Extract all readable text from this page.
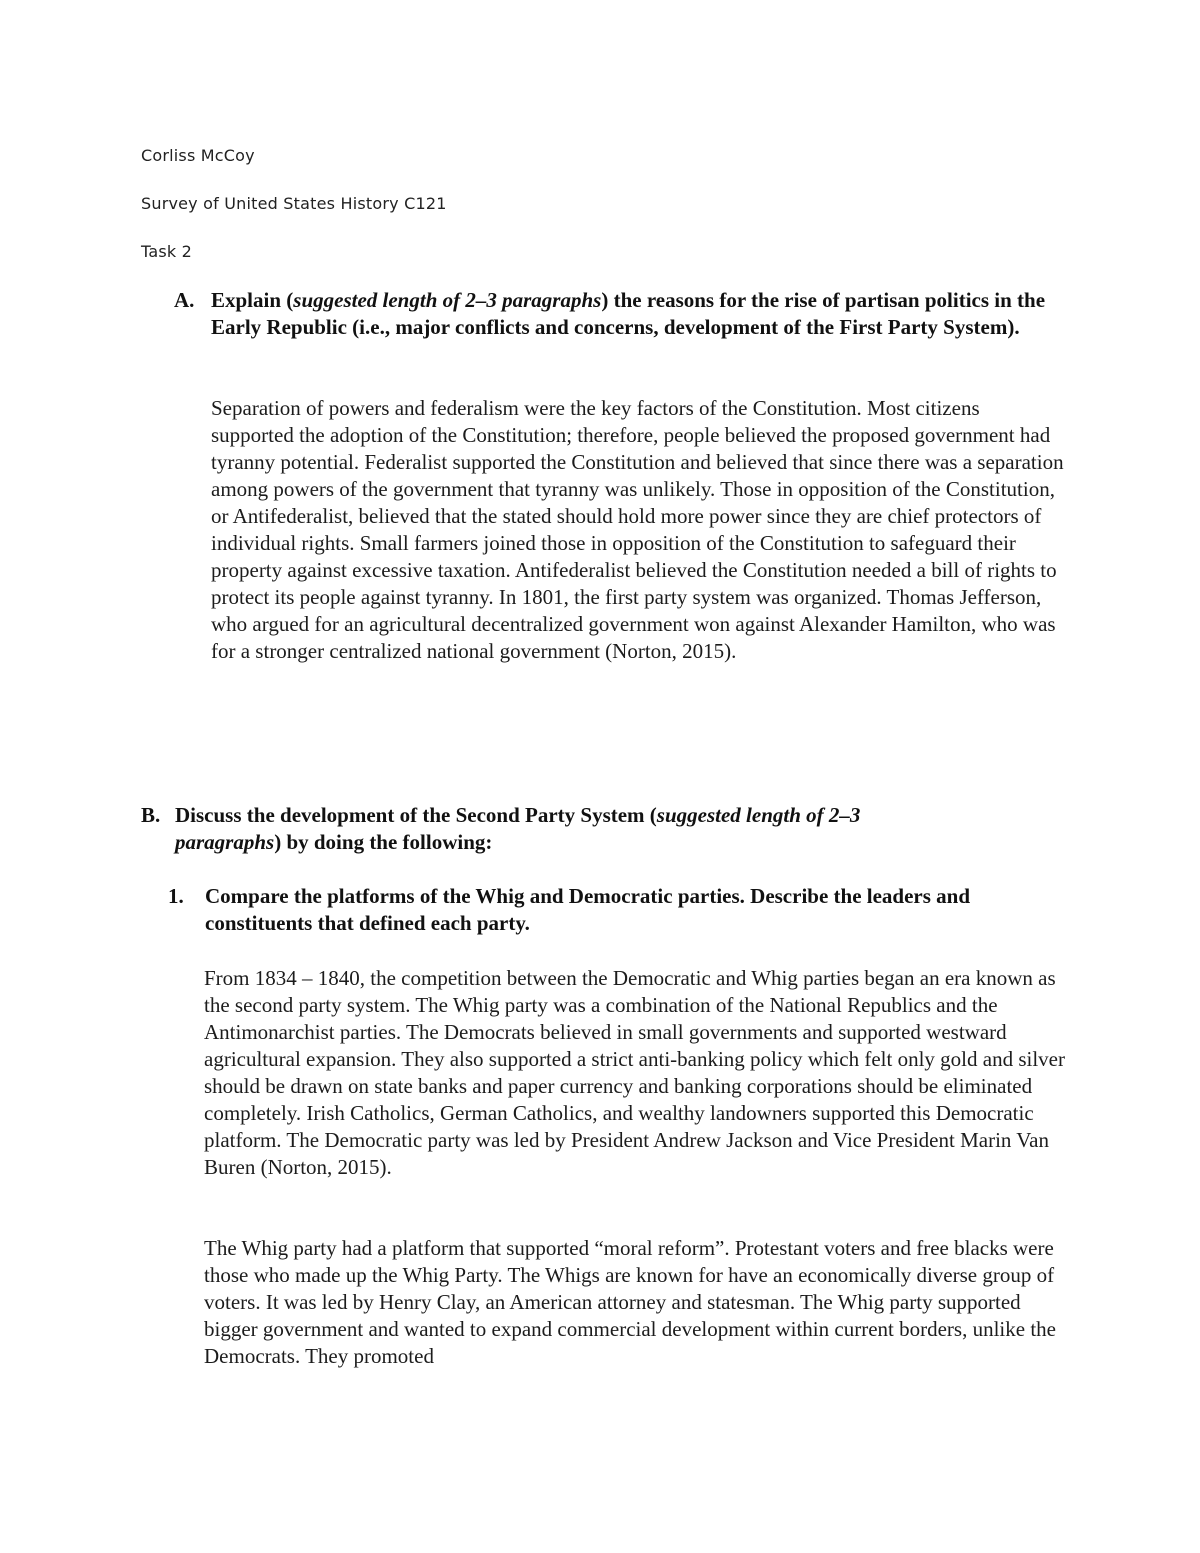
Corliss McCoy
Survey of United States History C121
Task 2
A. Explain (suggested length of 2–3 paragraphs) the reasons for the rise of partisan politics in the Early Republic (i.e., major conflicts and concerns, development of the First Party System).

Separation of powers and federalism were the key factors of the Constitution. Most citizens supported the adoption of the Constitution; therefore, people believed the proposed government had tyranny potential. Federalist supported the Constitution and believed that since there was a separation among powers of the government that tyranny was unlikely. Those in opposition of the Constitution, or Antifederalist, believed that the stated should hold more power since they are chief protectors of individual rights. Small farmers joined those in opposition of the Constitution to safeguard their property against excessive taxation. Antifederalist believed the Constitution needed a bill of rights to protect its people against tyranny. In 1801, the first party system was organized. Thomas Jefferson, who argued for an agricultural decentralized government won against Alexander Hamilton, who was for a stronger centralized national government (Norton, 2015).

B. Discuss the development of the Second Party System (suggested length of 2–3 paragraphs) by doing the following:

1.	Compare the platforms of the Whig and Democratic parties. Describe the leaders and constituents that defined each party.

From 1834 – 1840, the competition between the Democratic and Whig parties began an era known as the second party system. The Whig party was a combination of the National Republics and the Antimonarchist parties. The Democrats believed in small governments and supported westward agricultural expansion. They also supported a strict anti-banking policy which felt only gold and silver should be drawn on state banks and paper currency and banking corporations should be eliminated completely. Irish Catholics, German Catholics, and wealthy landowners supported this Democratic platform. The Democratic party was led by President Andrew Jackson and Vice President Marin Van Buren (Norton, 2015).

The Whig party had a platform that supported “moral reform”. Protestant voters and free blacks were those who made up the Whig Party. The Whigs are known for have an economically diverse group of voters. It was led by Henry Clay, an American attorney and statesman. The Whig party supported bigger government and wanted to expand commercial development within current borders, unlike the Democrats. They promoted
